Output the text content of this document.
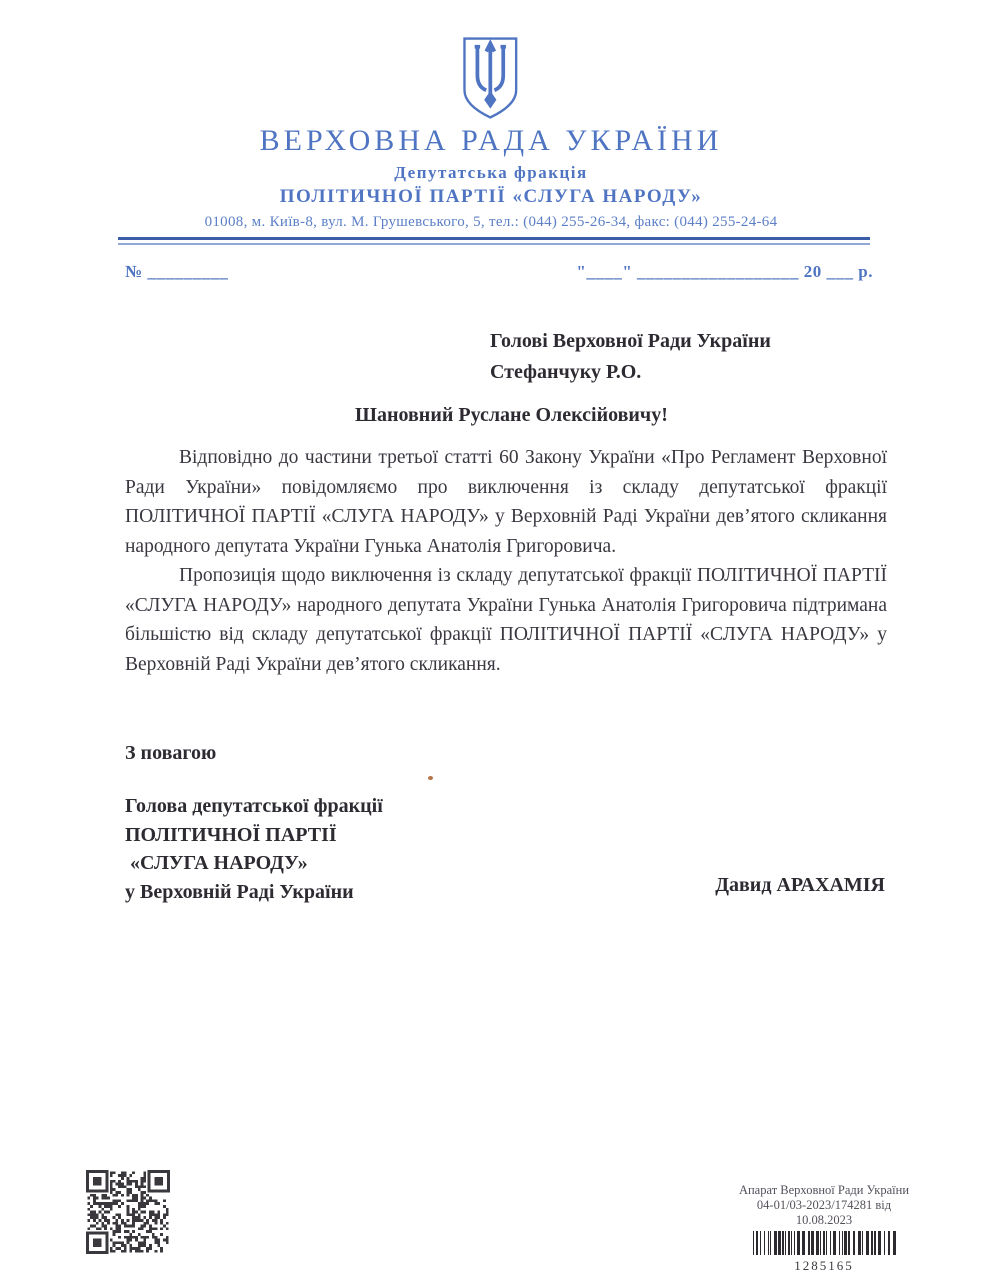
ВЕРХОВНА РАДА УКРАЇНИ
Депутатська фракція
ПОЛІТИЧНОЇ ПАРТІЇ «СЛУГА НАРОДУ»
01008, м. Київ-8, вул. М. Грушевського, 5, тел.: (044) 255-26-34, факс: (044) 255-24-64
№ _________	"____" __________________ 20 ___ р.
Голові Верховної Ради України
Стефанчуку Р.О.
Шановний Руслане Олексійовичу!

Відповідно до частини третьої статті 60 Закону України «Про Регламент Верховної Ради України» повідомляємо про виключення із складу депутатської фракції ПОЛІТИЧНОЇ ПАРТІЇ «СЛУГА НАРОДУ» у Верховній Раді України дев’ятого скликання народного депутата України Гунька Анатолія Григоровича.

Пропозиція щодо виключення із складу депутатської фракції ПОЛІТИЧНОЇ ПАРТІЇ «СЛУГА НАРОДУ» народного депутата України Гунька Анатолія Григоровича підтримана більшістю від складу депутатської фракції ПОЛІТИЧНОЇ ПАРТІЇ «СЛУГА НАРОДУ» у Верховній Раді України дев’ятого скликання.

З повагою
Голова депутатської фракції
ПОЛІТИЧНОЇ ПАРТІЇ
«СЛУГА НАРОДУ»
у Верховній Раді України	Давид АРАХАМІЯ
Апарат Верховної Ради України
04-01/03-2023/174281 від 10.08.2023
1285165
